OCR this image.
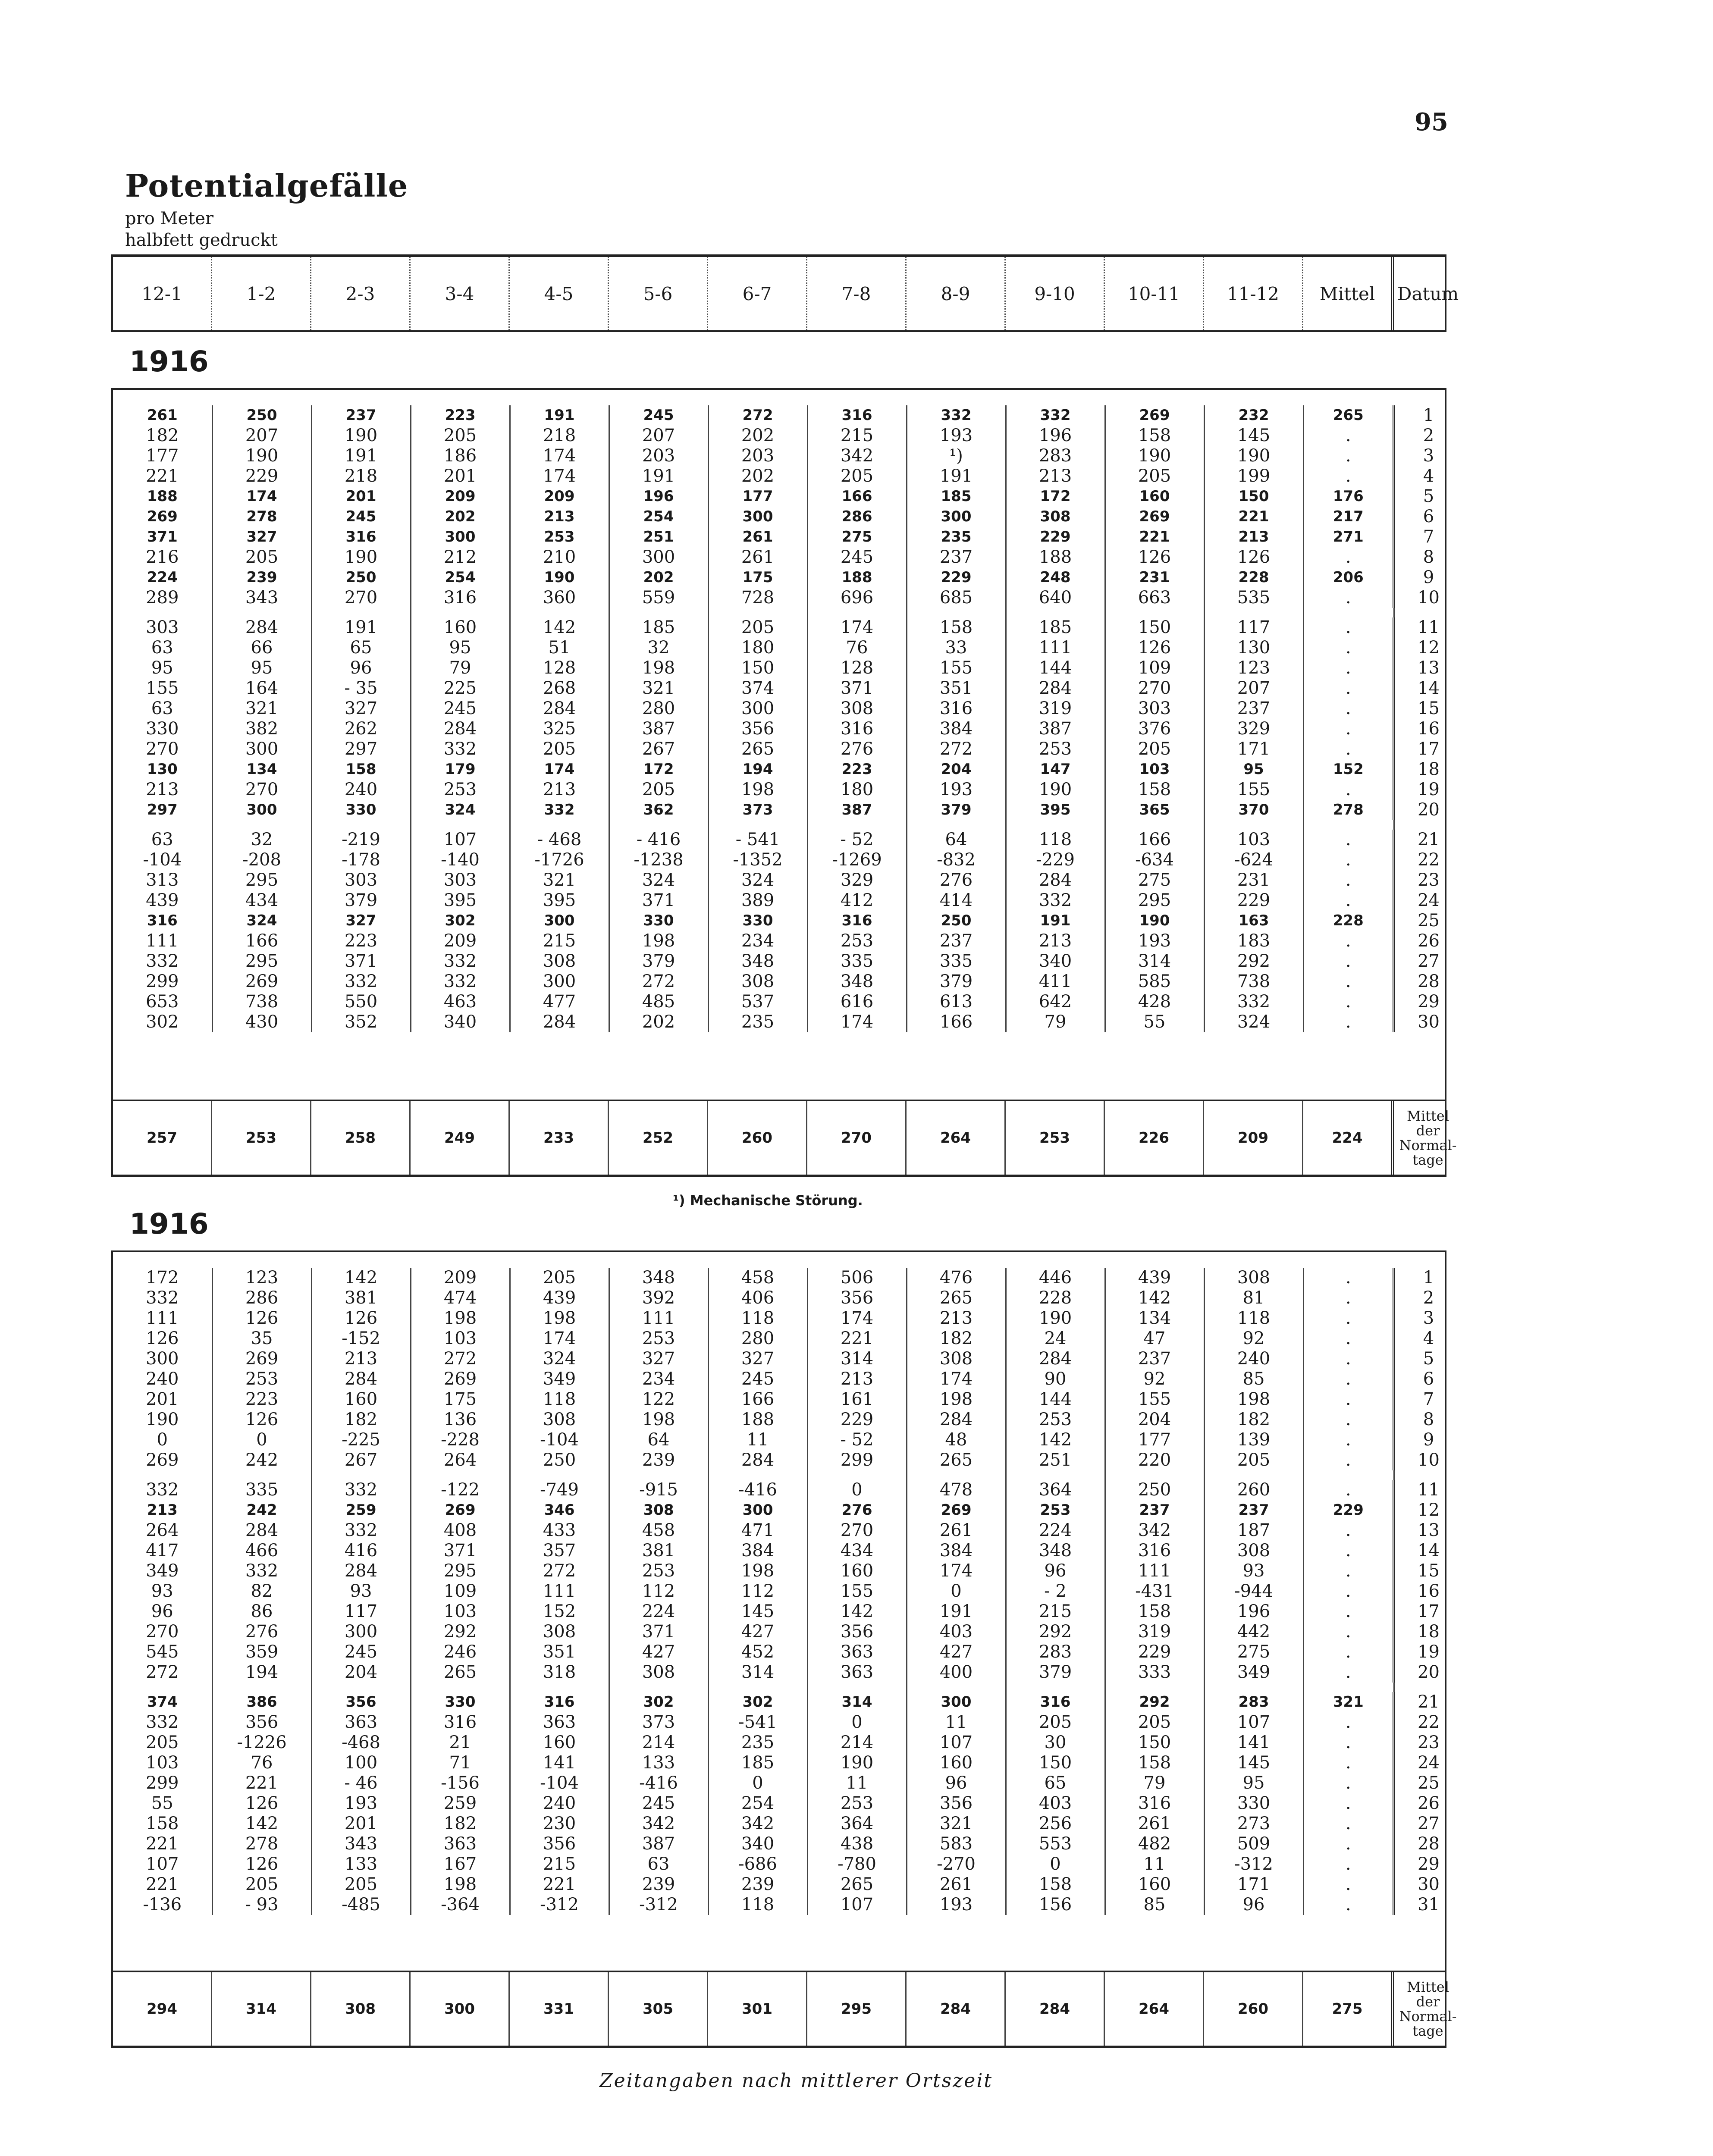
95
Potentialgefälle
pro Meter
halbfett gedruckt
12-1	1-2	2-3	3-4	4-5	5-6	6-7	7-8	8-9	9-10	10-11	11-12	Mittel	Datum
1916
261	250	237	223	191	245	272	316	332	332	269	232	265	1
182	207	190	205	218	207	202	215	193	196	158	145	.	2
177	190	191	186	174	203	203	342	¹)	283	190	190	.	3
221	229	218	201	174	191	202	205	191	213	205	199	.	4
188	174	201	209	209	196	177	166	185	172	160	150	176	5
269	278	245	202	213	254	300	286	300	308	269	221	217	6
371	327	316	300	253	251	261	275	235	229	221	213	271	7
216	205	190	212	210	300	261	245	237	188	126	126	.	8
224	239	250	254	190	202	175	188	229	248	231	228	206	9
289	343	270	316	360	559	728	696	685	640	663	535	.	10

303	284	191	160	142	185	205	174	158	185	150	117	.	11
63	66	65	95	51	32	180	76	33	111	126	130	.	12
95	95	96	79	128	198	150	128	155	144	109	123	.	13
155	164	- 35	225	268	321	374	371	351	284	270	207	.	14
63	321	327	245	284	280	300	308	316	319	303	237	.	15
330	382	262	284	325	387	356	316	384	387	376	329	.	16
270	300	297	332	205	267	265	276	272	253	205	171	.	17
130	134	158	179	174	172	194	223	204	147	103	95	152	18
213	270	240	253	213	205	198	180	193	190	158	155	.	19
297	300	330	324	332	362	373	387	379	395	365	370	278	20

63	32	-219	107	- 468	- 416	- 541	- 52	64	118	166	103	.	21
-104	-208	-178	-140	-1726	-1238	-1352	-1269	-832	-229	-634	-624	.	22
313	295	303	303	321	324	324	329	276	284	275	231	.	23
439	434	379	395	395	371	389	412	414	332	295	229	.	24
316	324	327	302	300	330	330	316	250	191	190	163	228	25
111	166	223	209	215	198	234	253	237	213	193	183	.	26
332	295	371	332	308	379	348	335	335	340	314	292	.	27
299	269	332	332	300	272	308	348	379	411	585	738	.	28
653	738	550	463	477	485	537	616	613	642	428	332	.	29
302	430	352	340	284	202	235	174	166	79	55	324	.	30
257	253	258	249	233	252	260	270	264	253	226	209	224
Mittel
der
Normal-
tage
1916
172	123	142	209	205	348	458	506	476	446	439	308	.	1
332	286	381	474	439	392	406	356	265	228	142	81	.	2
111	126	126	198	198	111	118	174	213	190	134	118	.	3
126	35	-152	103	174	253	280	221	182	24	47	92	.	4
300	269	213	272	324	327	327	314	308	284	237	240	.	5
240	253	284	269	349	234	245	213	174	90	92	85	.	6
201	223	160	175	118	122	166	161	198	144	155	198	.	7
190	126	182	136	308	198	188	229	284	253	204	182	.	8
0	0	-225	-228	-104	64	11	- 52	48	142	177	139	.	9
269	242	267	264	250	239	284	299	265	251	220	205	.	10

332	335	332	-122	-749	-915	-416	0	478	364	250	260	.	11
213	242	259	269	346	308	300	276	269	253	237	237	229	12
264	284	332	408	433	458	471	270	261	224	342	187	.	13
417	466	416	371	357	381	384	434	384	348	316	308	.	14
349	332	284	295	272	253	198	160	174	96	111	93	.	15
93	82	93	109	111	112	112	155	0	- 2	-431	-944	.	16
96	86	117	103	152	224	145	142	191	215	158	196	.	17
270	276	300	292	308	371	427	356	403	292	319	442	.	18
545	359	245	246	351	427	452	363	427	283	229	275	.	19
272	194	204	265	318	308	314	363	400	379	333	349	.	20

374	386	356	330	316	302	302	314	300	316	292	283	321	21
332	356	363	316	363	373	-541	0	11	205	205	107	.	22
205	-1226	-468	21	160	214	235	214	107	30	150	141	.	23
103	76	100	71	141	133	185	190	160	150	158	145	.	24
299	221	- 46	-156	-104	-416	0	11	96	65	79	95	.	25
55	126	193	259	240	245	254	253	356	403	316	330	.	26
158	142	201	182	230	342	342	364	321	256	261	273	.	27
221	278	343	363	356	387	340	438	583	553	482	509	.	28
107	126	133	167	215	63	-686	-780	-270	0	11	-312	.	29
221	205	205	198	221	239	239	265	261	158	160	171	.	30
-136	- 93	-485	-364	-312	-312	118	107	193	156	85	96	.	31
294	314	308	300	331	305	301	295	284	284	264	260	275
Mittel
der
Normal-
tage
¹) Mechanische Störung.
Zeitangaben nach mittlerer Ortszeit
